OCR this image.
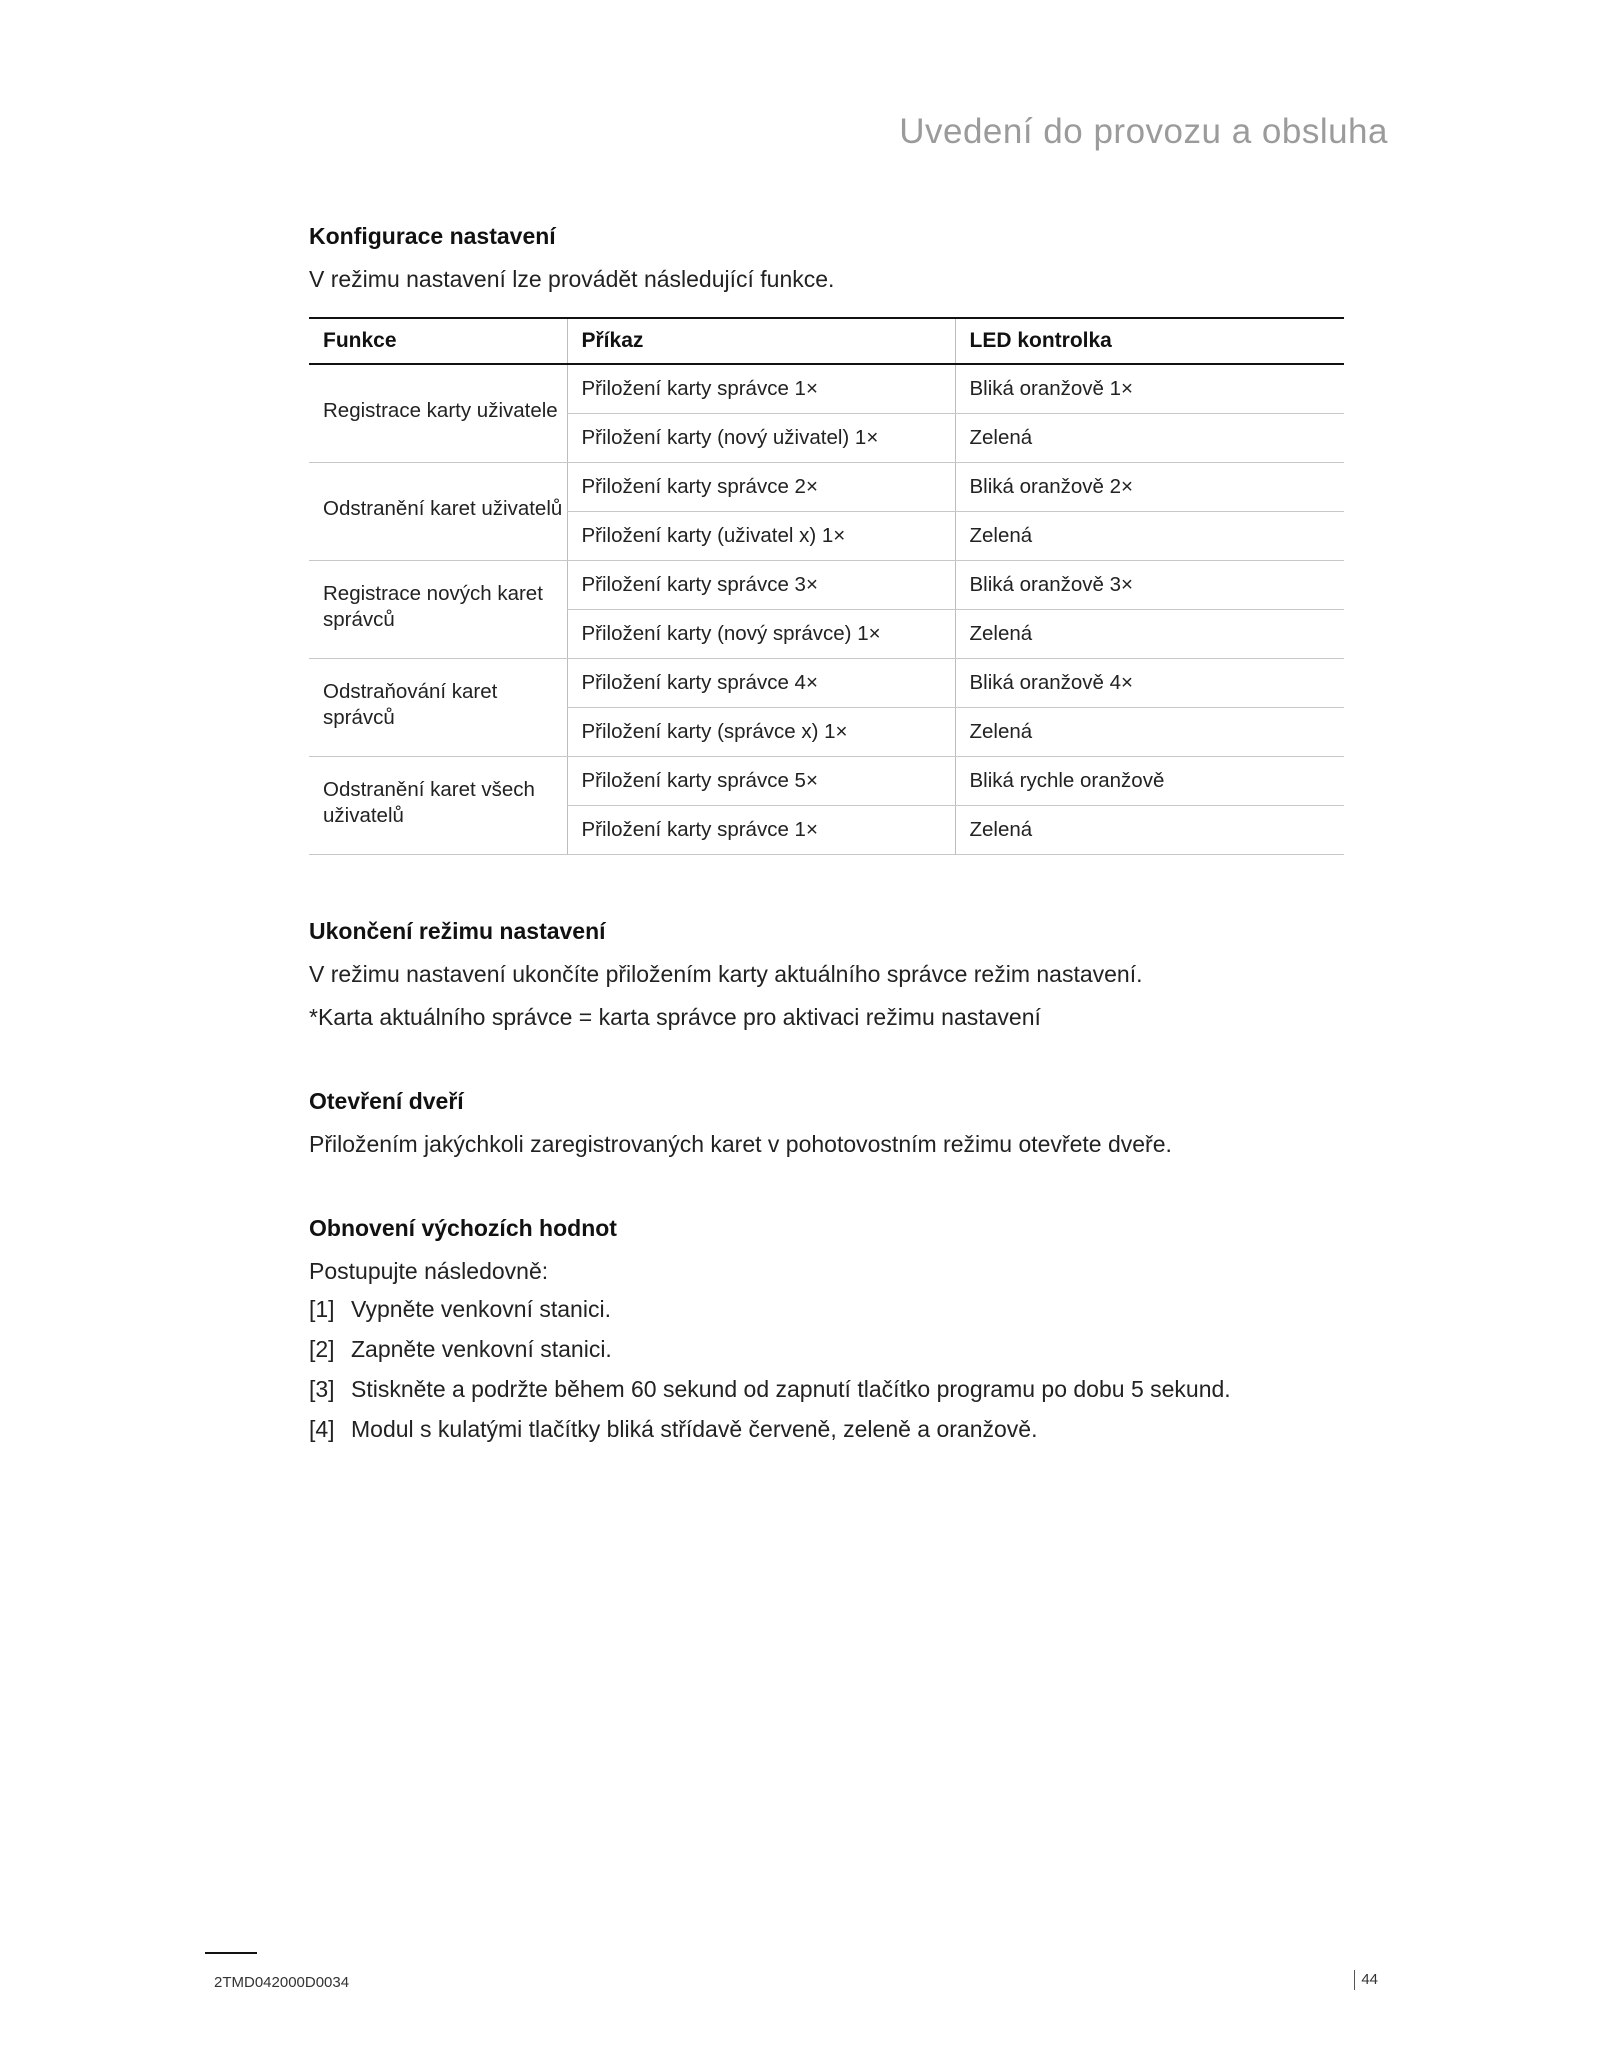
Uvedení do provozu a obsluha
Konfigurace nastavení

V režimu nastavení lze provádět následující funkce.

Funkce	Příkaz	LED kontrolka
Registrace karty uživatele	Přiložení karty správce 1×	Bliká oranžově 1×
	Přiložení karty (nový uživatel) 1×	Zelená
Odstranění karet uživatelů	Přiložení karty správce 2×	Bliká oranžově 2×
	Přiložení karty (uživatel x) 1×	Zelená
Registrace nových karet správců	Přiložení karty správce 3×	Bliká oranžově 3×
	Přiložení karty (nový správce) 1×	Zelená
Odstraňování karet správců	Přiložení karty správce 4×	Bliká oranžově 4×
	Přiložení karty (správce x) 1×	Zelená
Odstranění karet všech uživatelů	Přiložení karty správce 5×	Bliká rychle oranžově
	Přiložení karty správce 1×	Zelená
Ukončení režimu nastavení

V režimu nastavení ukončíte přiložením karty aktuálního správce režim nastavení.

*Karta aktuálního správce = karta správce pro aktivaci režimu nastavení

Otevření dveří

Přiložením jakýchkoli zaregistrovaných karet v pohotovostním režimu otevřete dveře.

Obnovení výchozích hodnot

Postupujte následovně:

[1] Vypněte venkovní stanici.
[2] Zapněte venkovní stanici.
[3] Stiskněte a podržte během 60 sekund od zapnutí tlačítko programu po dobu 5 sekund.
[4] Modul s kulatými tlačítky bliká střídavě červeně, zeleně a oranžově.
2TMD042000D0034	44
